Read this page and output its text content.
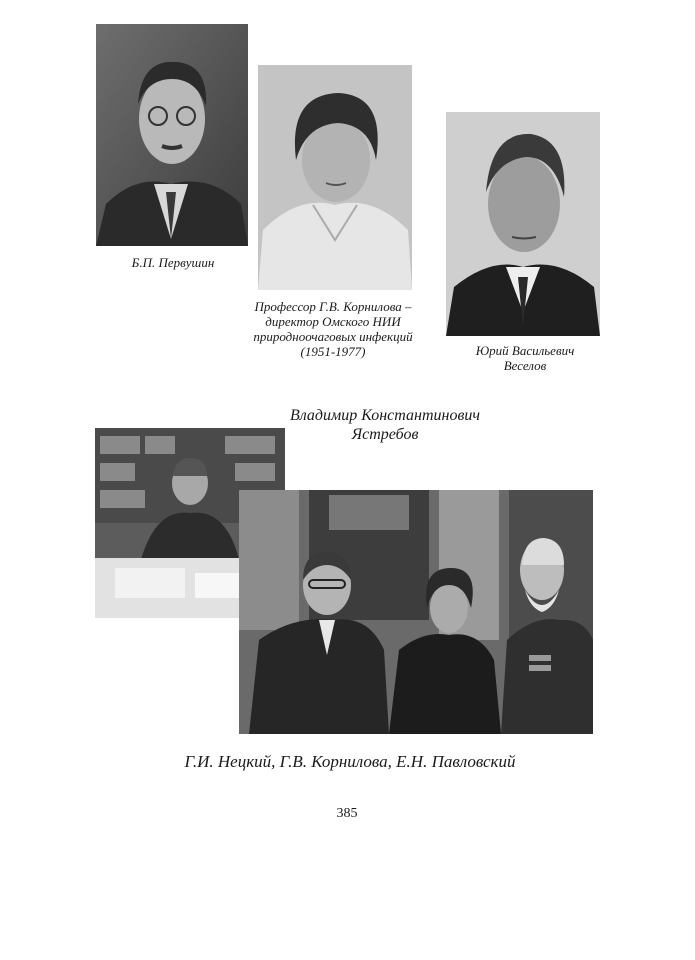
Б.П. Первушин
Профессор Г.В. Корнилова –
директор Омского НИИ
природноочаговых инфекций
(1951-1977)	Юрий Васильевич
Веселов
Владимир Константинович
Ястребов
Г.И. Нецкий, Г.В. Корнилова, Е.Н. Павловский
385
